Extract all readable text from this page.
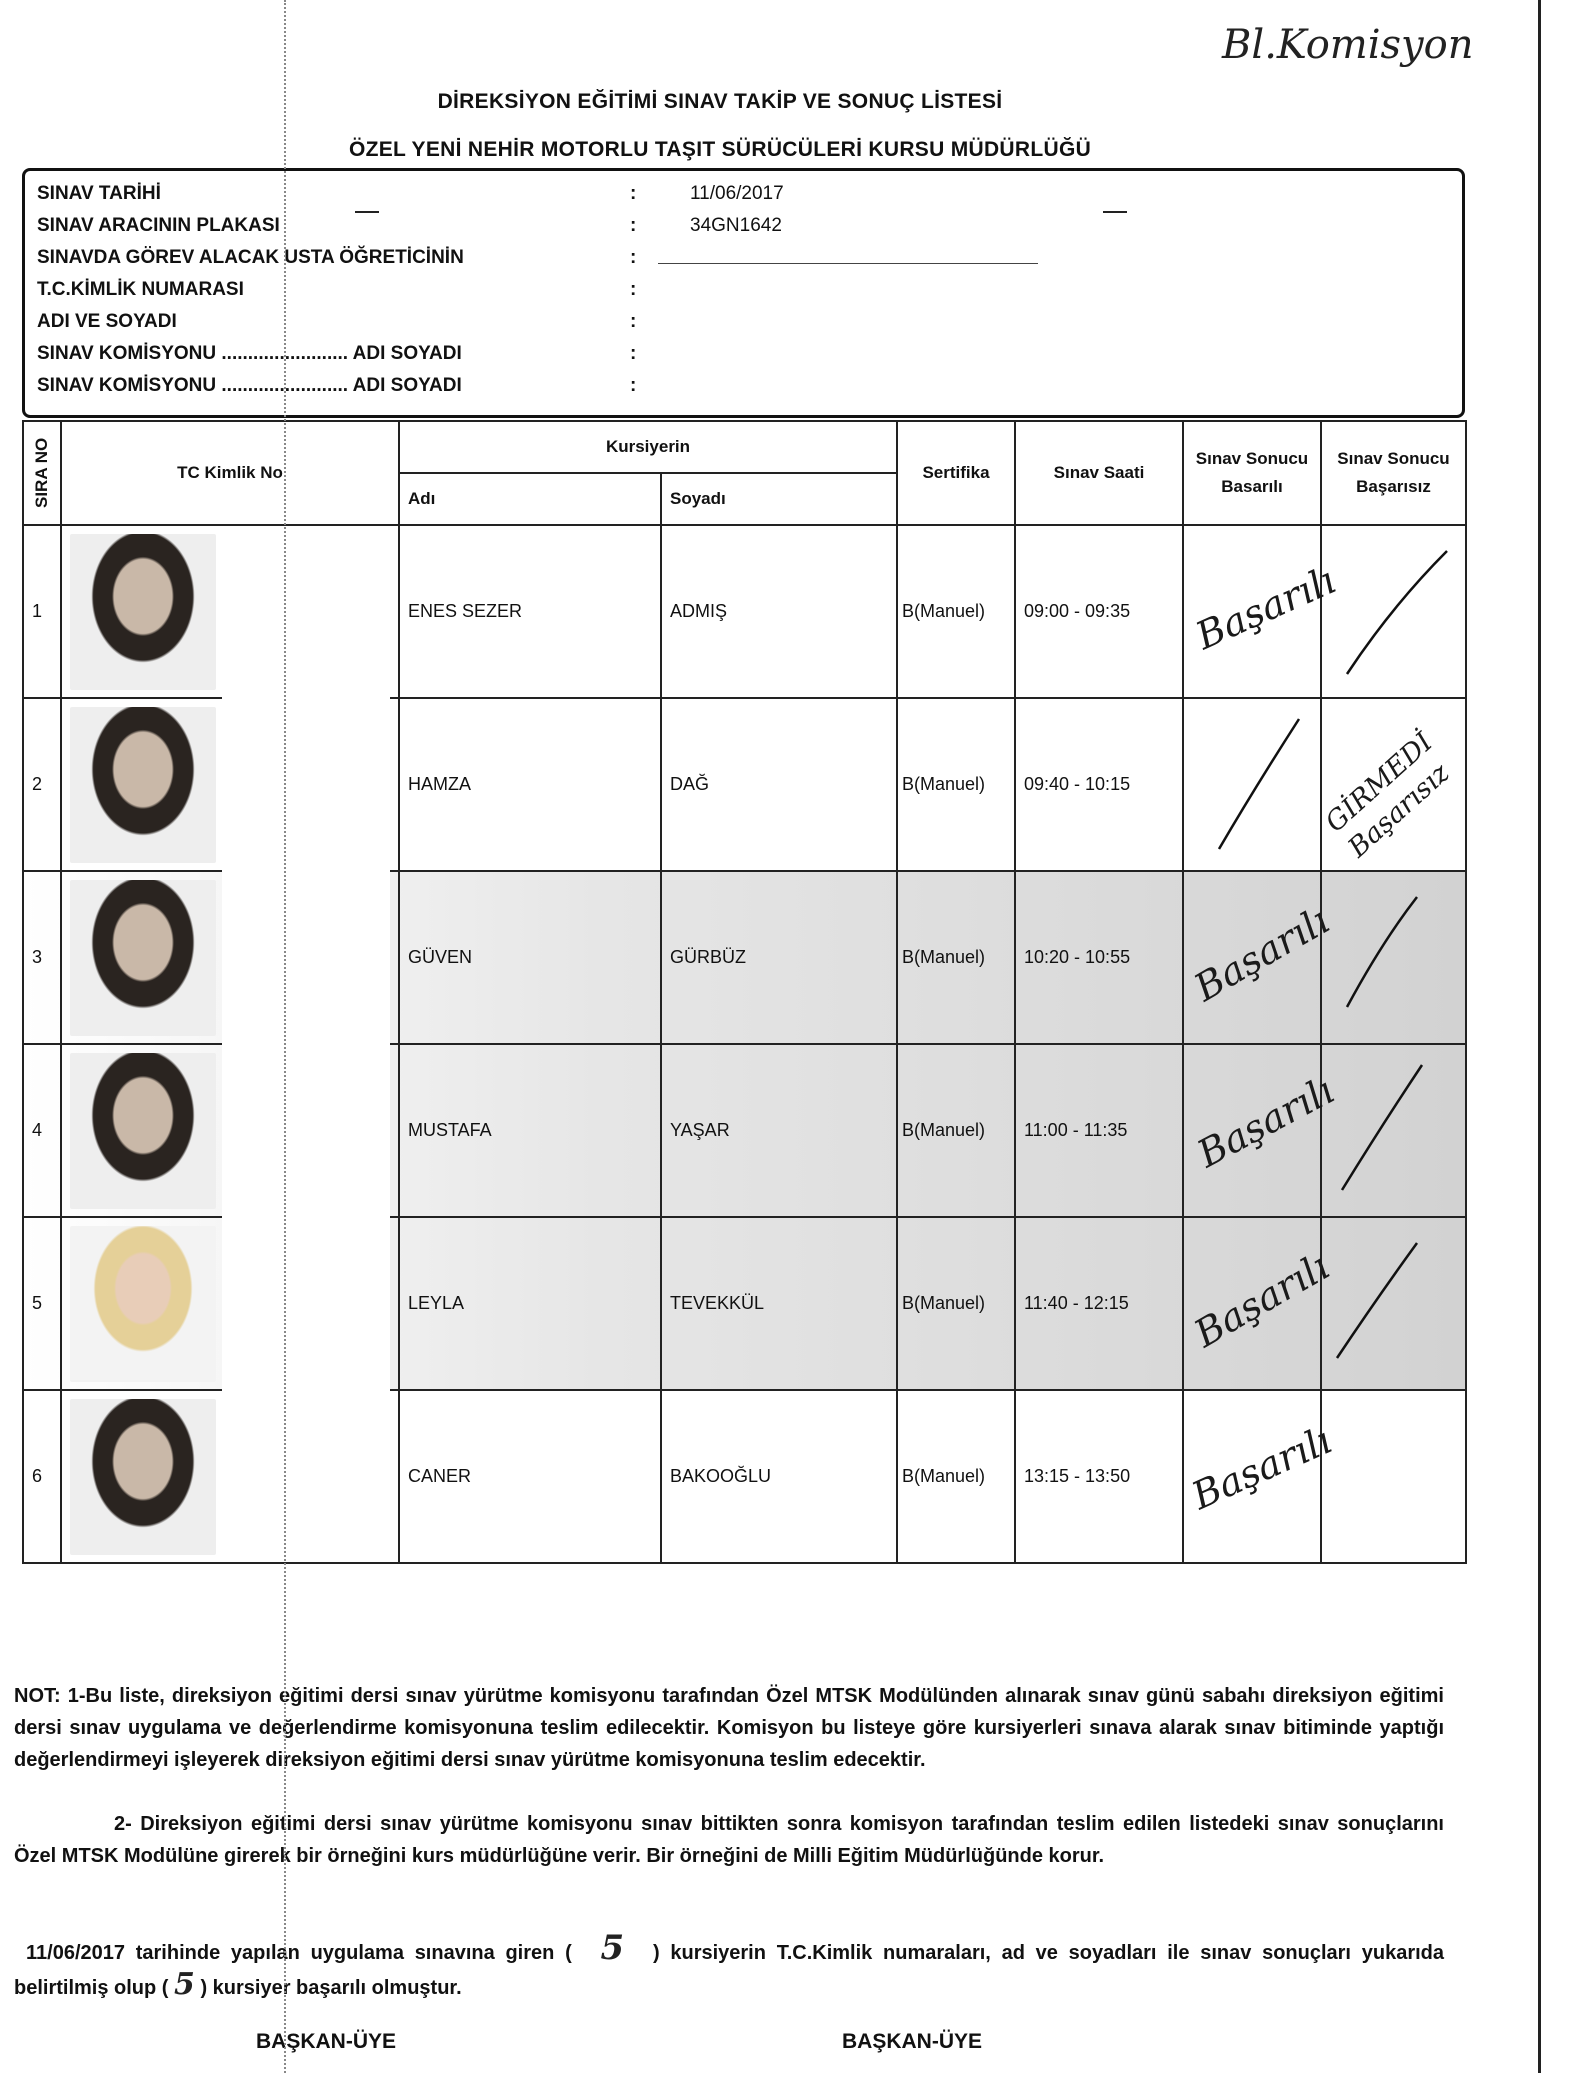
Bl.Komisyon
DİREKSİYON EĞİTİMİ SINAV TAKİP VE SONUÇ LİSTESİ
ÖZEL YENİ NEHİR MOTORLU TAŞIT SÜRÜCÜLERİ KURSU MÜDÜRLÜĞÜ
SINAV TARİHİ	:	11/06/2017
SINAV ARACININ PLAKASI	:	34GN1642
SINAVDA GÖREV ALACAK USTA ÖĞRETİCİNİN	:
T.C.KİMLİK NUMARASI	:
ADI VE SOYADI	:
SINAV KOMİSYONU ........................ ADI SOYADI	:
SINAV KOMİSYONU ........................ ADI SOYADI	:
SIRA NO	TC Kimlik No	Kursiyerin		Sertifika	Sınav Saati	Sınav Sonucu Basarılı	Sınav Sonucu Başarısız
		Adı	Soyadı				
1		ENES SEZER	ADMIŞ	B(Manuel)	09:00 - 09:35	Başarılı

2		HAMZA	DAĞ	B(Manuel)	09:40 - 10:15		GİRMEDİ Başarısız

3		GÜVEN	GÜRBÜZ	B(Manuel)	10:20 - 10:55	Başarılı

4		MUSTAFA	YAŞAR	B(Manuel)	11:00 - 11:35	Başarılı

5		LEYLA	TEVEKKÜL	B(Manuel)	11:40 - 12:15	Başarılı

6		CANER	BAKOOĞLU	B(Manuel)	13:15 - 13:50	Başarılı	

NOT: 1-Bu liste, direksiyon eğitimi dersi sınav yürütme komisyonu tarafından Özel MTSK Modülünden alınarak sınav günü sabahı direksiyon eğitimi dersi sınav uygulama ve değerlendirme komisyonuna teslim edilecektir. Komisyon bu listeye göre kursiyerleri sınava alarak sınav bitiminde yaptığı değerlendirmeyi işleyerek direksiyon eğitimi dersi sınav yürütme komisyonuna teslim edecektir.
2- Direksiyon eğitimi dersi sınav yürütme komisyonu sınav bittikten sonra komisyon tarafından teslim edilen listedeki sınav sonuçlarını Özel MTSK Modülüne girerek bir örneğini kurs müdürlüğüne verir. Bir örneğini de Milli Eğitim Müdürlüğünde korur.
11/06/2017 tarihinde yapılan uygulama sınavına giren ( 5 ) kursiyerin T.C.Kimlik numaraları, ad ve soyadları ile sınav sonuçları yukarıda belirtilmiş olup ( 5 ) kursiyer başarılı olmuştur.
BAŞKAN-ÜYE	BAŞKAN-ÜYE
